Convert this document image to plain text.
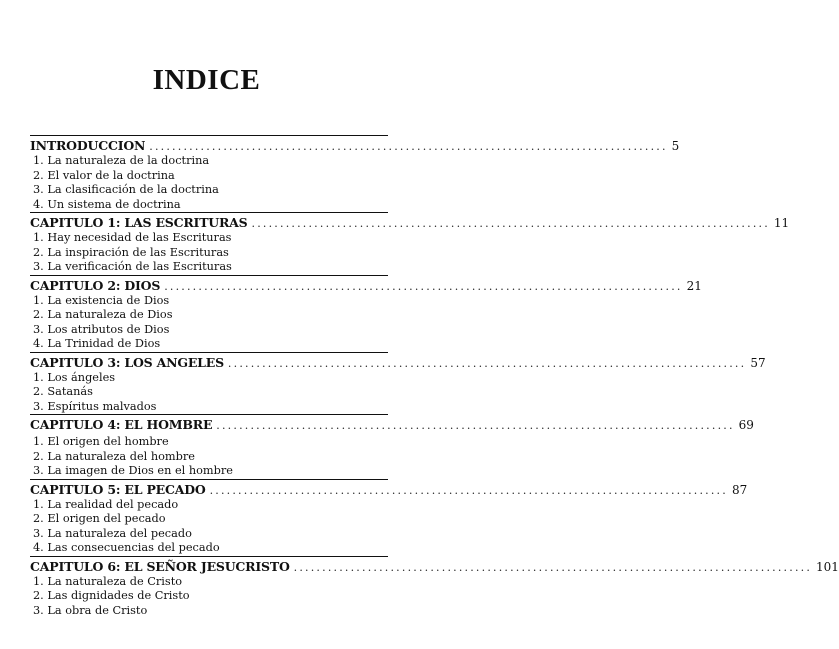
INDICE
INTRODUCCION ........................................................................................... 5
1. La naturaleza de la doctrina
2. El valor de la doctrina
3. La clasificación de la doctrina
4. Un sistema de doctrina
CAPITULO 1: LAS ESCRITURAS ........................................................................................... 11
1. Hay necesidad de las Escrituras
2. La inspiración de las Escrituras
3. La verificación de las Escrituras
CAPITULO 2: DIOS ........................................................................................... 21
1. La existencia de Dios
2. La naturaleza de Dios
3. Los atributos de Dios
4. La Trinidad de Dios
CAPITULO 3: LOS ANGELES ........................................................................................... 57
1. Los ángeles
2. Satanás
3. Espíritus malvados
CAPITULO 4: EL HOMBRE ........................................................................................... 69
1. El origen del hombre
2. La naturaleza del hombre
3. La imagen de Dios en el hombre
CAPITULO 5: EL PECADO ........................................................................................... 87
1. La realidad del pecado
2. El origen del pecado
3. La naturaleza del pecado
4. Las consecuencias del pecado
CAPITULO 6: EL SEÑOR JESUCRISTO ........................................................................................... 101
1. La naturaleza de Cristo
2. Las dignidades de Cristo
3. La obra de Cristo
